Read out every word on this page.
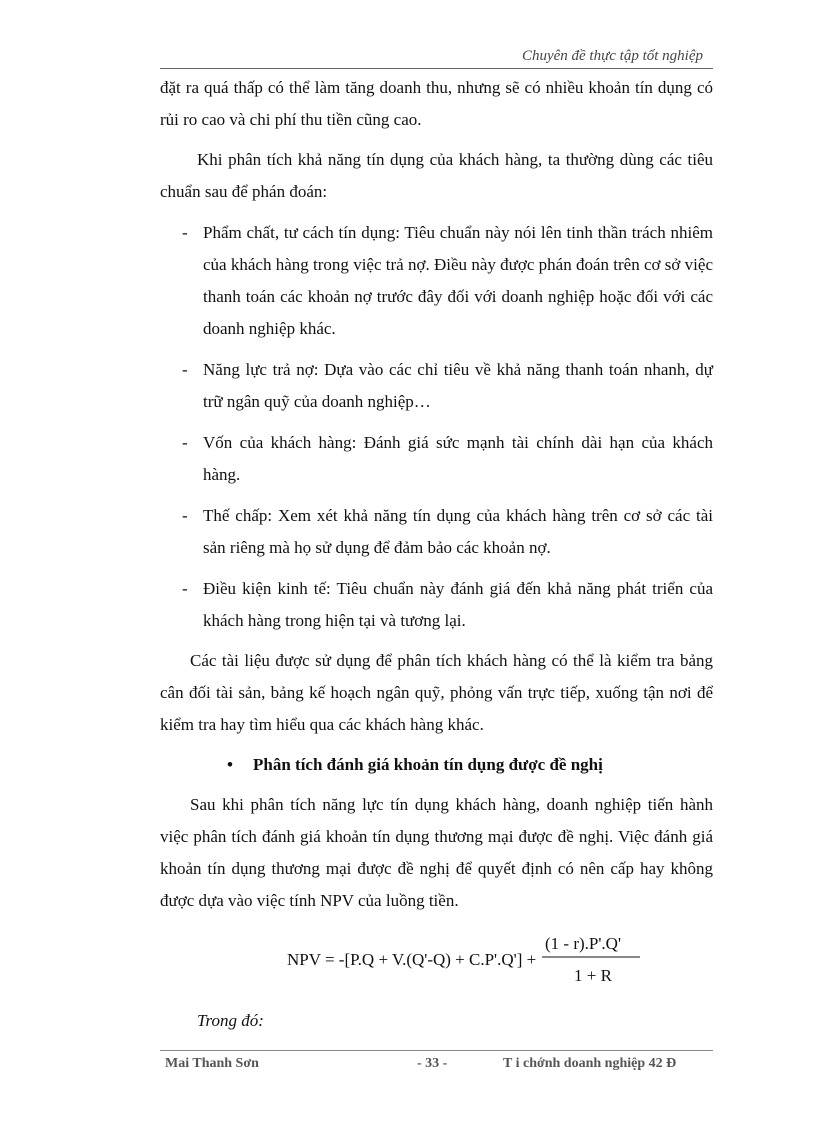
Chuyên đề thực tập tốt nghiệp

đặt ra quá thấp có thể làm tăng doanh thu, nhưng sẽ có nhiều khoản tín dụng có rủi ro cao và chi phí thu tiền cũng cao.

Khi phân tích khả năng tín dụng của khách hàng, ta thường dùng các tiêu chuẩn sau để phán đoán:

- Phẩm chất, tư cách tín dụng: Tiêu chuẩn này nói lên tinh thần trách nhiêm của khách hàng trong việc trả nợ. Điều này được phán đoán trên cơ sở việc thanh toán các khoản nợ trước đây đối với doanh nghiệp hoặc đối với các doanh nghiệp khác.
- Năng lực trả nợ: Dựa vào các chỉ tiêu về khả năng thanh toán nhanh, dự trữ ngân quỹ của doanh nghiệp…
- Vốn của khách hàng: Đánh giá sức mạnh tài chính dài hạn của khách hàng.
- Thế chấp: Xem xét khả năng tín dụng của khách hàng trên cơ sở các tài sản riêng mà họ sử dụng để đảm bảo các khoản nợ.
- Điều kiện kinh tế: Tiêu chuẩn này đánh giá đến khả năng phát triển của khách hàng trong hiện tại và tương lại.

Các tài liệu được sử dụng để phân tích khách hàng có thể là kiểm tra bảng cân đối tài sản, bảng kế hoạch ngân quỹ, phỏng vấn trực tiếp, xuống tận nơi để kiểm tra hay tìm hiểu qua các khách hàng khác.

• Phân tích đánh giá khoản tín dụng được đề nghị

Sau khi phân tích năng lực tín dụng khách hàng, doanh nghiệp tiến hành việc phân tích đánh giá khoản tín dụng thương mại được đề nghị. Việc đánh giá khoản tín dụng thương mại được đề nghị để quyết định có nên cấp hay không được dựa vào việc tính NPV của luồng tiền.

NPV = -[P.Q + V.(Q'-Q) + C.P'.Q'] +
(1 - r).P'.Q'
1 + R

Trong đó:

Mai Thanh Sơn	- 33 -	T i chớnh doanh nghiệp 42 Đ
